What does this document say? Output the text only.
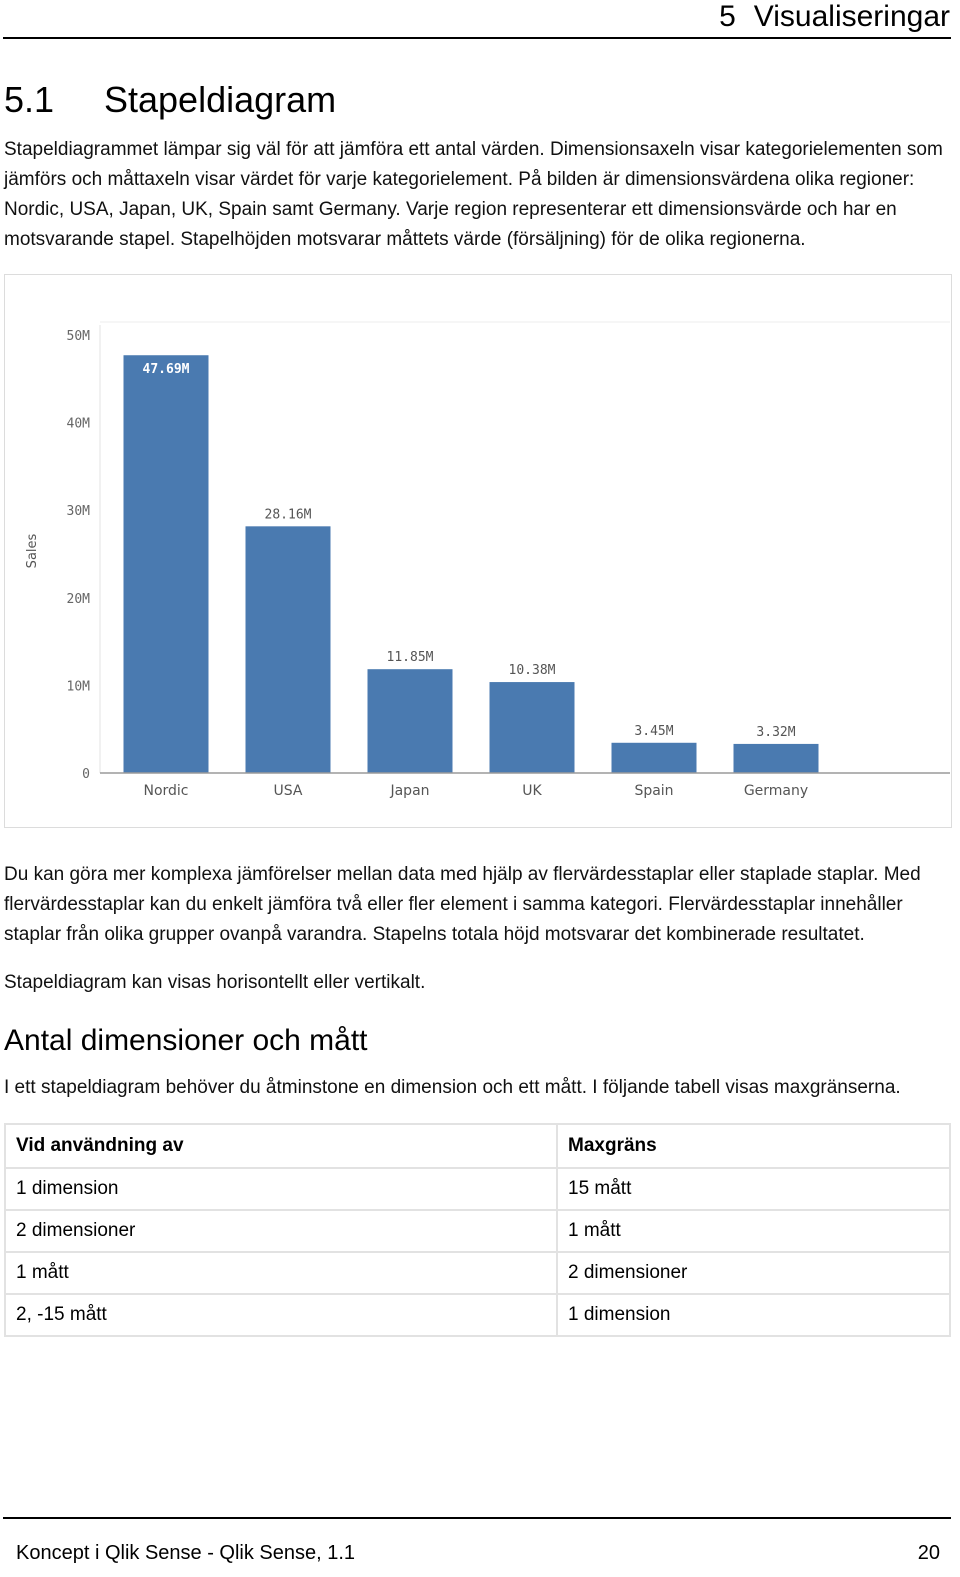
5 Visualiseringar
5.1 Stapeldiagram
Stapeldiagrammet lämpar sig väl för att jämföra ett antal värden. Dimensionsaxeln visar kategorielementen som jämförs och måttaxeln visar värdet för varje kategorielement. På bilden är dimensionsvärdena olika regioner: Nordic, USA, Japan, UK, Spain samt Germany. Varje region representerar ett dimensionsvärde och har en motsvarande stapel. Stapelhöjden motsvarar måttets värde (försäljning) för de olika regionerna.
0
10M
20M
30M
40M
50M
Sales
47.69M
Nordic
28.16M
USA
11.85M
Japan
10.38M
UK
3.45M
Spain
3.32M
Germany
Du kan göra mer komplexa jämförelser mellan data med hjälp av flervärdesstaplar eller staplade staplar. Med flervärdesstaplar kan du enkelt jämföra två eller fler element i samma kategori. Flervärdesstaplar innehåller staplar från olika grupper ovanpå varandra. Stapelns totala höjd motsvarar det kombinerade resultatet.
Stapeldiagram kan visas horisontellt eller vertikalt.
Antal dimensioner och mått
I ett stapeldiagram behöver du åtminstone en dimension och ett mått. I följande tabell visas maxgränserna.
Vid användning av	Maxgräns
1 dimension	15 mått
2 dimensioner	1 mått
1 mått	2 dimensioner
2, -15 mått	1 dimension
Koncept i Qlik Sense - Qlik Sense, 1.1	20
